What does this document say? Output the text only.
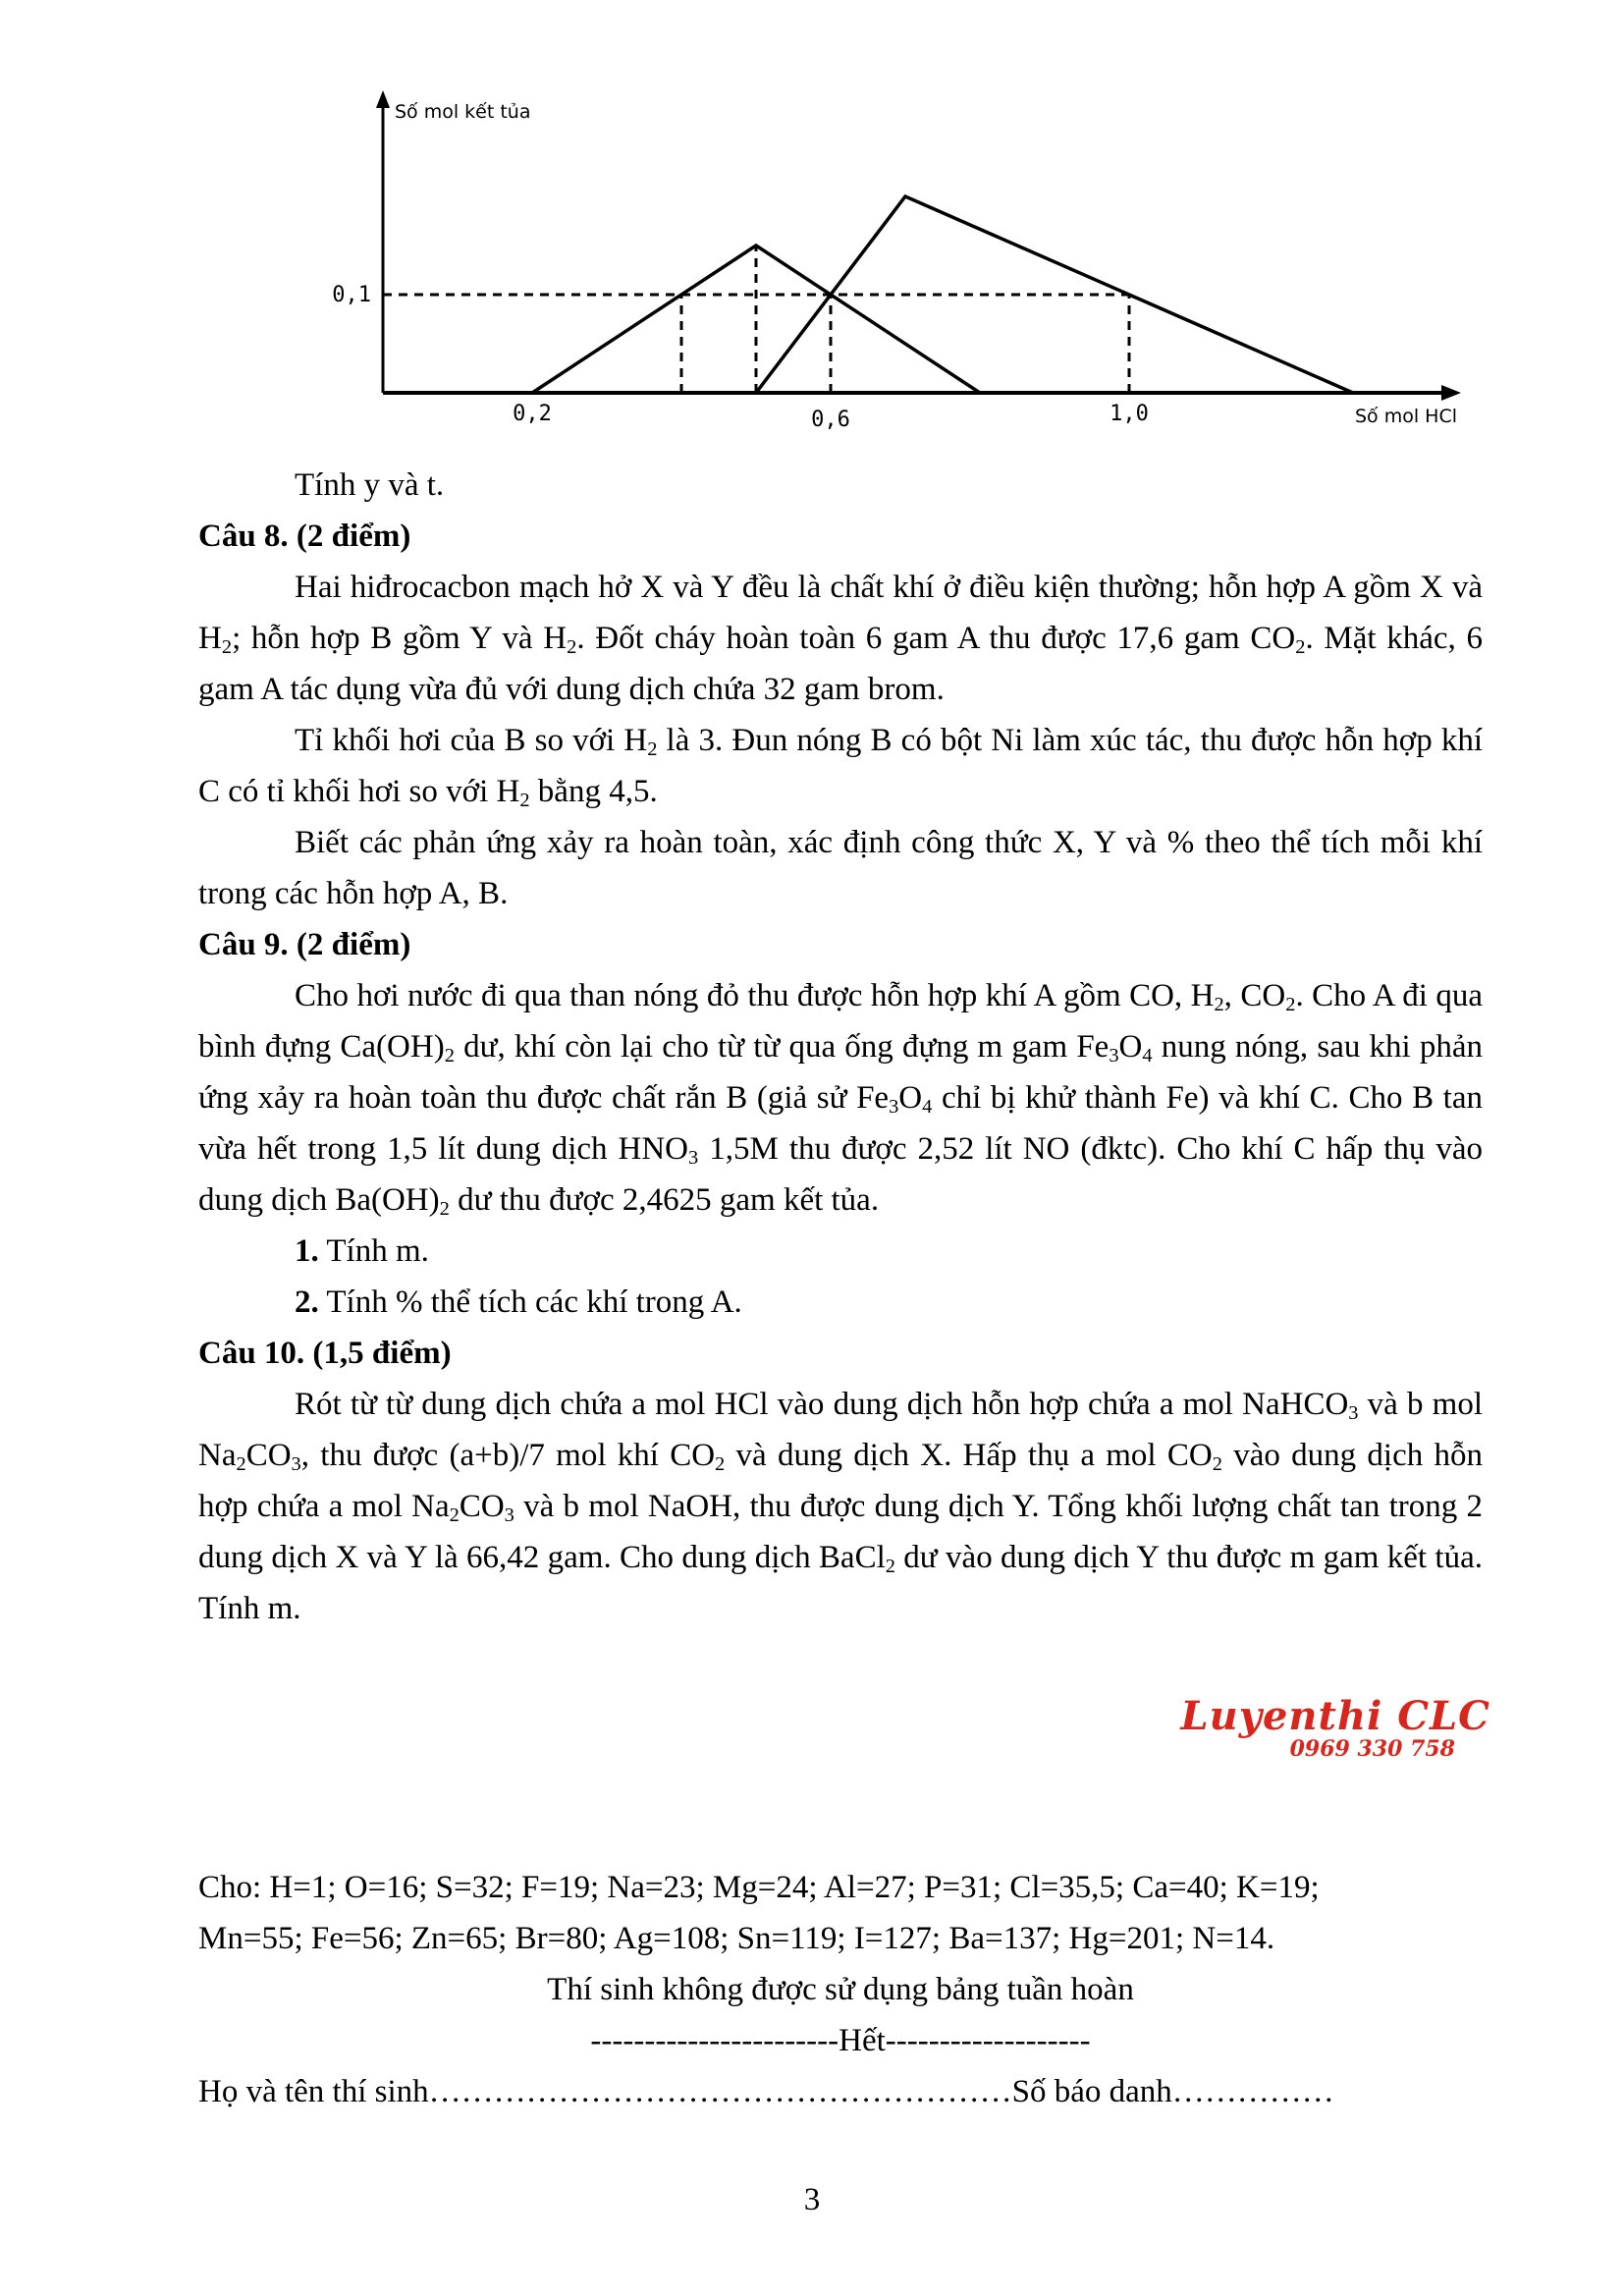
Số mol kết tủa
Số mol HCl
0,2	0,6	1,0
0,1

Tính y và t.

Câu 8. (2 điểm)

Hai hiđrocacbon mạch hở X và Y đều là chất khí ở điều kiện thường; hỗn hợp A gồm X và $H_2$; hỗn hợp B gồm Y và $H_2$. Đốt cháy hoàn toàn 6 gam A thu được 17,6 gam $CO_2$. Mặt khác, 6 gam A tác dụng vừa đủ với dung dịch chứa 32 gam brom.

Tỉ khối hơi của B so với $H_2$ là 3. Đun nóng B có bột Ni làm xúc tác, thu được hỗn hợp khí C có tỉ khối hơi so với $H_2$ bằng 4,5.

Biết các phản ứng xảy ra hoàn toàn, xác định công thức X, Y và % theo thể tích mỗi khí trong các hỗn hợp A, B.

Câu 9. (2 điểm)

Cho hơi nước đi qua than nóng đỏ thu được hỗn hợp khí A gồm CO, $H_2$, $CO_2$. Cho A đi qua bình đựng $Ca(OH)_2$ dư, khí còn lại cho từ từ qua ống đựng m gam $Fe_3O_4$ nung nóng, sau khi phản ứng xảy ra hoàn toàn thu được chất rắn B (giả sử $Fe_3O_4$ chỉ bị khử thành Fe) và khí C. Cho B tan vừa hết trong 1,5 lít dung dịch $HNO_3$ 1,5M thu được 2,52 lít NO (đktc). Cho khí C hấp thụ vào dung dịch $Ba(OH)_2$ dư thu được 2,4625 gam kết tủa.

1. Tính m.

2. Tính % thể tích các khí trong A.

Câu 10. (1,5 điểm)

Rót từ từ dung dịch chứa a mol HCl vào dung dịch hỗn hợp chứa a mol NaHCO$_3$ và b mol $Na_2CO_3$, thu được (a+b)/7 mol khí $CO_2$ và dung dịch X. Hấp thụ a mol $CO_2$ vào dung dịch hỗn hợp chứa a mol $Na_2CO_3$ và b mol NaOH, thu được dung dịch Y. Tổng khối lượng chất tan trong 2 dung dịch X và Y là 66,42 gam. Cho dung dịch BaCl$_2$ dư vào dung dịch Y thu được m gam kết tủa. Tính m.

Luyenthi CLC
0969 330 758

Cho: H=1; O=16; S=32; F=19; Na=23; Mg=24; Al=27; P=31; Cl=35,5; Ca=40; K=19;

Mn=55; Fe=56; Zn=65; Br=80; Ag=108; Sn=119; I=127; Ba=137; Hg=201; N=14.

Thí sinh không được sử dụng bảng tuần hoàn

-----------------------Hết-------------------

Họ và tên thí sinh………………………………………………Số báo danh……………

3
